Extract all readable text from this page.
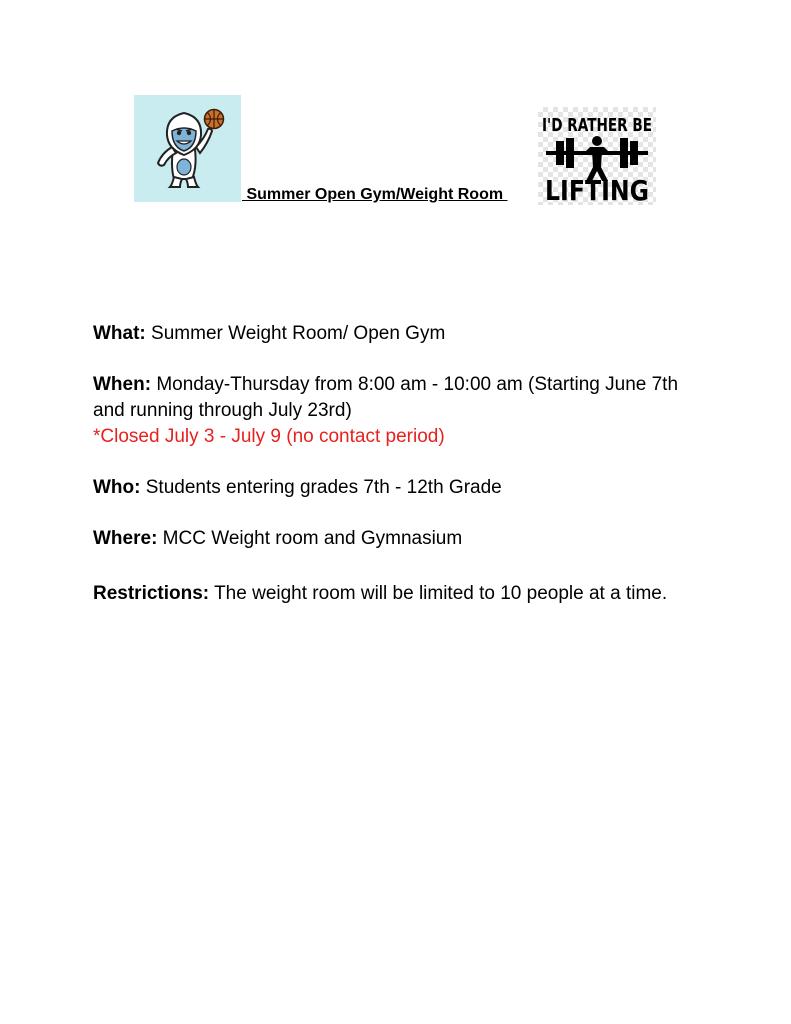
Summer Open Gym/Weight Room
I'D RATHER BE
LIFTING
What: Summer Weight Room/ Open Gym
When: Monday-Thursday from 8:00 am - 10:00 am (Starting June 7th and running through July 23rd)
*Closed July 3 - July 9 (no contact period)
Who: Students entering grades 7th - 12th Grade
Where: MCC Weight room and Gymnasium
Restrictions: The weight room will be limited to 10 people at a time.
